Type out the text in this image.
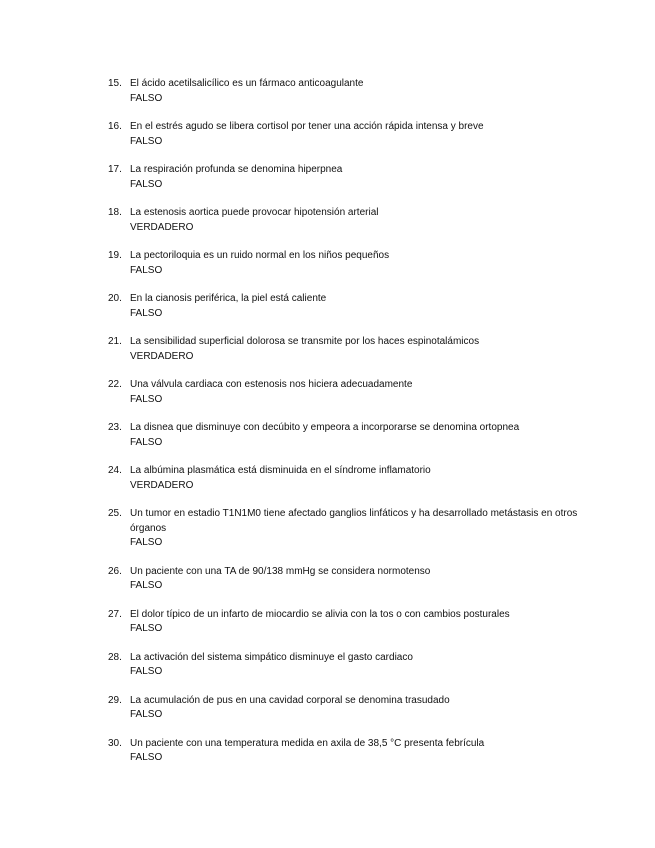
15. El ácido acetilsalicílico es un fármaco anticoagulante
FALSO
16. En el estrés agudo se libera cortisol por tener una acción rápida intensa y breve
FALSO
17. La respiración profunda se denomina hiperpnea
FALSO
18. La estenosis aortica puede provocar hipotensión arterial
VERDADERO
19. La pectoriloquia es un ruido normal en los niños pequeños
FALSO
20. En la cianosis periférica, la piel está caliente
FALSO
21. La sensibilidad superficial dolorosa se transmite por los haces espinotalámicos
VERDADERO
22. Una válvula cardiaca con estenosis nos hiciera adecuadamente
FALSO
23. La disnea que disminuye con decúbito y empeora a incorporarse se denomina ortopnea
FALSO
24. La albúmina plasmática está disminuida en el síndrome inflamatorio
VERDADERO
25. Un tumor en estadio T1N1M0 tiene afectado ganglios linfáticos y ha desarrollado metástasis en otros órganos
FALSO
26. Un paciente con una TA de 90/138 mmHg se considera normotenso
FALSO
27. El dolor típico de un infarto de miocardio se alivia con la tos o con cambios posturales
FALSO
28. La activación del sistema simpático disminuye el gasto cardiaco
FALSO
29. La acumulación de pus en una cavidad corporal se denomina trasudado
FALSO
30. Un paciente con una temperatura medida en axila de 38,5 °C presenta febrícula
FALSO
